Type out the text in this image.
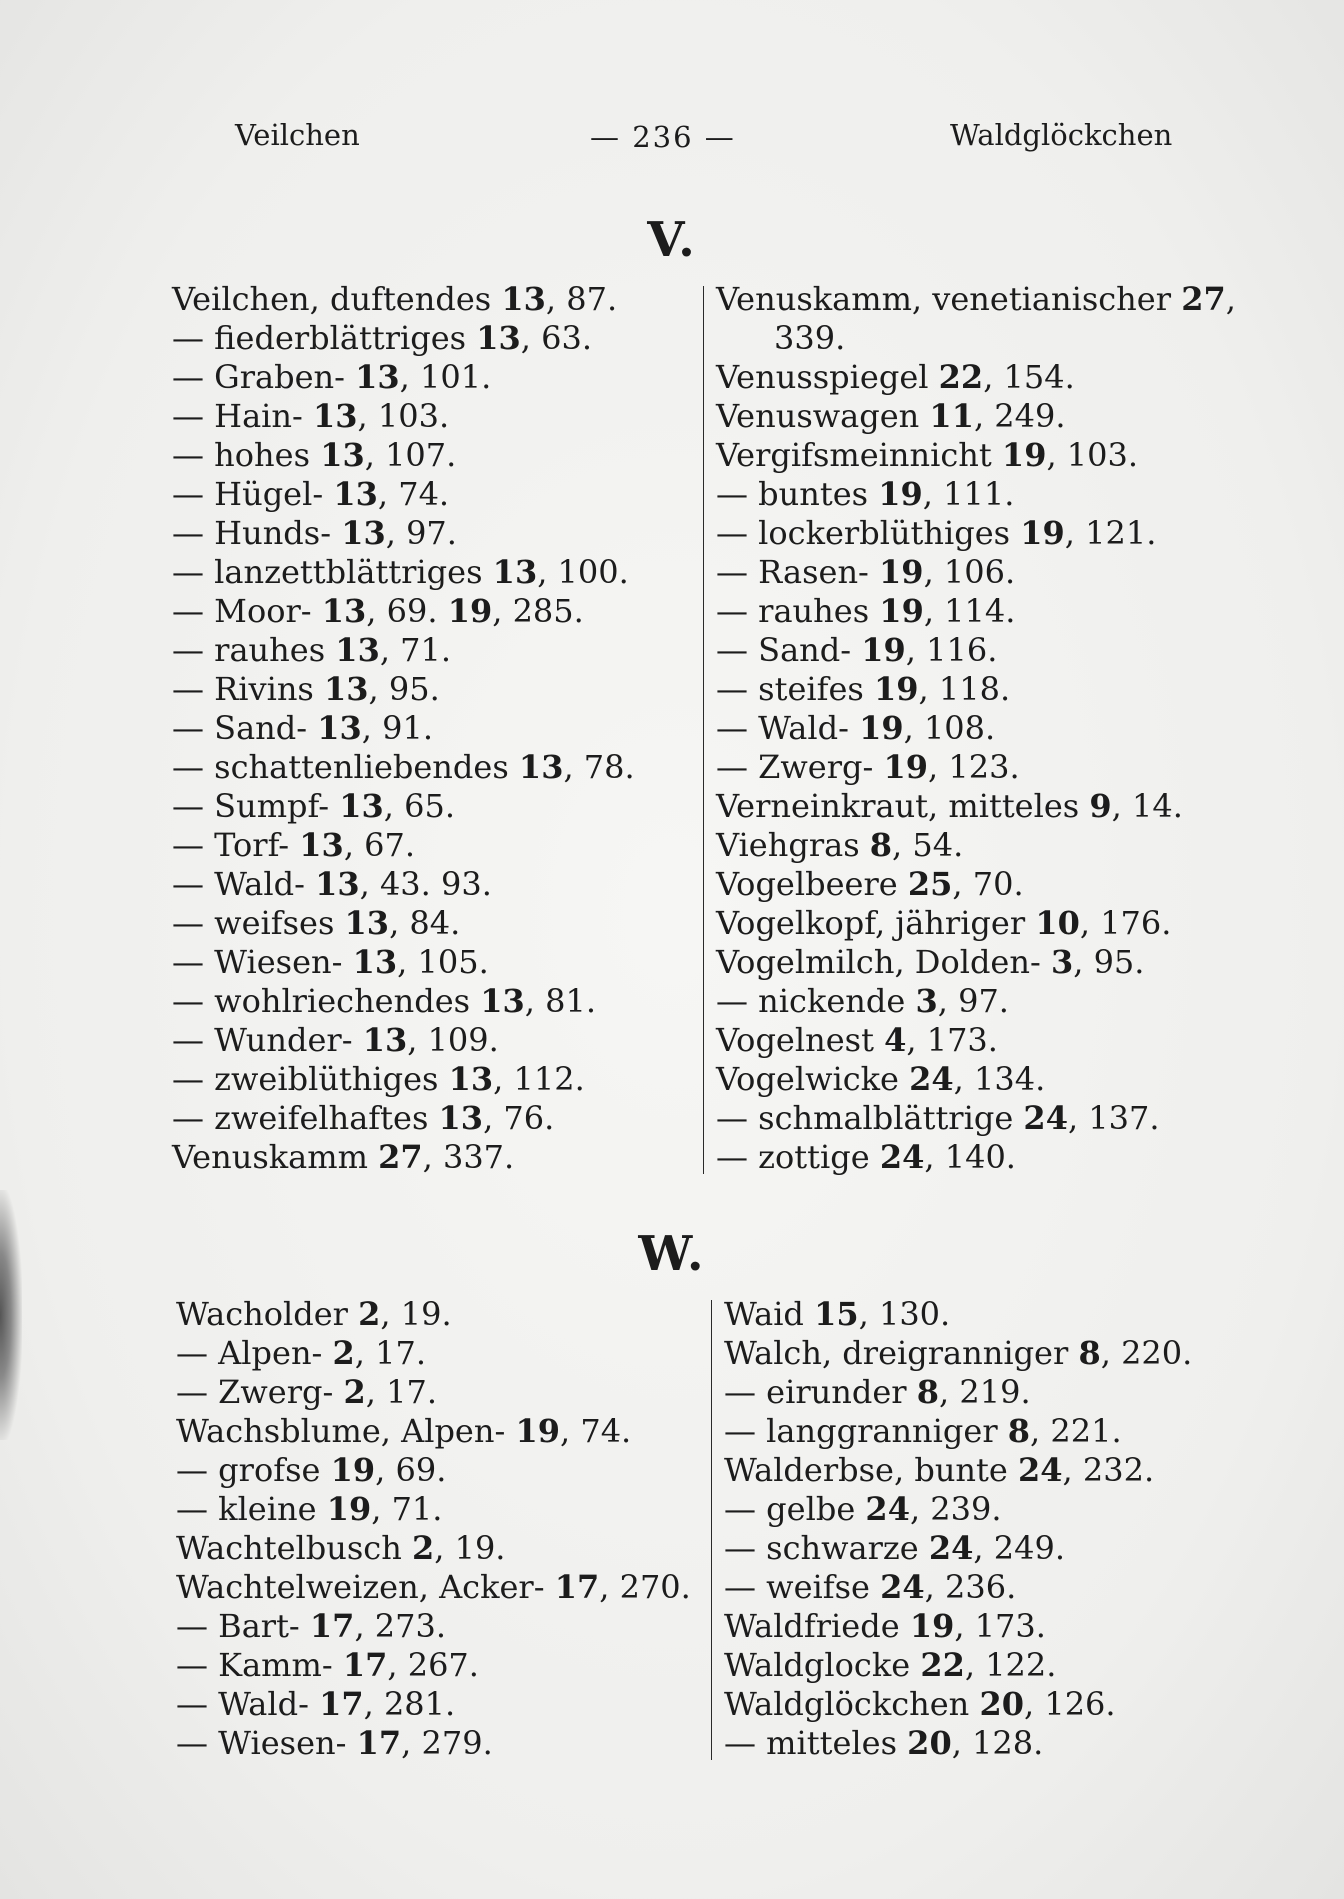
Veilchen	— 236 —	Waldglöckchen
V.
Veilchen, duftendes 13, 87.
— fiederblättriges 13, 63.
— Graben- 13, 101.
— Hain- 13, 103.
— hohes 13, 107.
— Hügel- 13, 74.
— Hunds- 13, 97.
— lanzettblättriges 13, 100.
— Moor- 13, 69. 19, 285.
— rauhes 13, 71.
— Rivins 13, 95.
— Sand- 13, 91.
— schattenliebendes 13, 78.
— Sumpf- 13, 65.
— Torf- 13, 67.
— Wald- 13, 43. 93.
— weifses 13, 84.
— Wiesen- 13, 105.
— wohlriechendes 13, 81.
— Wunder- 13, 109.
— zweiblüthiges 13, 112.
— zweifelhaftes 13, 76.
Venuskamm 27, 337.
Venuskamm, venetianischer 27,
339.
Venusspiegel 22, 154.
Venuswagen 11, 249.
Vergifsmeinnicht 19, 103.
— buntes 19, 111.
— lockerblüthiges 19, 121.
— Rasen- 19, 106.
— rauhes 19, 114.
— Sand- 19, 116.
— steifes 19, 118.
— Wald- 19, 108.
— Zwerg- 19, 123.
Verneinkraut, mitteles 9, 14.
Viehgras 8, 54.
Vogelbeere 25, 70.
Vogelkopf, jähriger 10, 176.
Vogelmilch, Dolden- 3, 95.
— nickende 3, 97.
Vogelnest 4, 173.
Vogelwicke 24, 134.
— schmalblättrige 24, 137.
— zottige 24, 140.
W.
Wacholder 2, 19.
— Alpen- 2, 17.
— Zwerg- 2, 17.
Wachsblume, Alpen- 19, 74.
— grofse 19, 69.
— kleine 19, 71.
Wachtelbusch 2, 19.
Wachtelweizen, Acker- 17, 270.
— Bart- 17, 273.
— Kamm- 17, 267.
— Wald- 17, 281.
— Wiesen- 17, 279.
Waid 15, 130.
Walch, dreigranniger 8, 220.
— eirunder 8, 219.
— langgranniger 8, 221.
Walderbse, bunte 24, 232.
— gelbe 24, 239.
— schwarze 24, 249.
— weifse 24, 236.
Waldfriede 19, 173.
Waldglocke 22, 122.
Waldglöckchen 20, 126.
— mitteles 20, 128.
